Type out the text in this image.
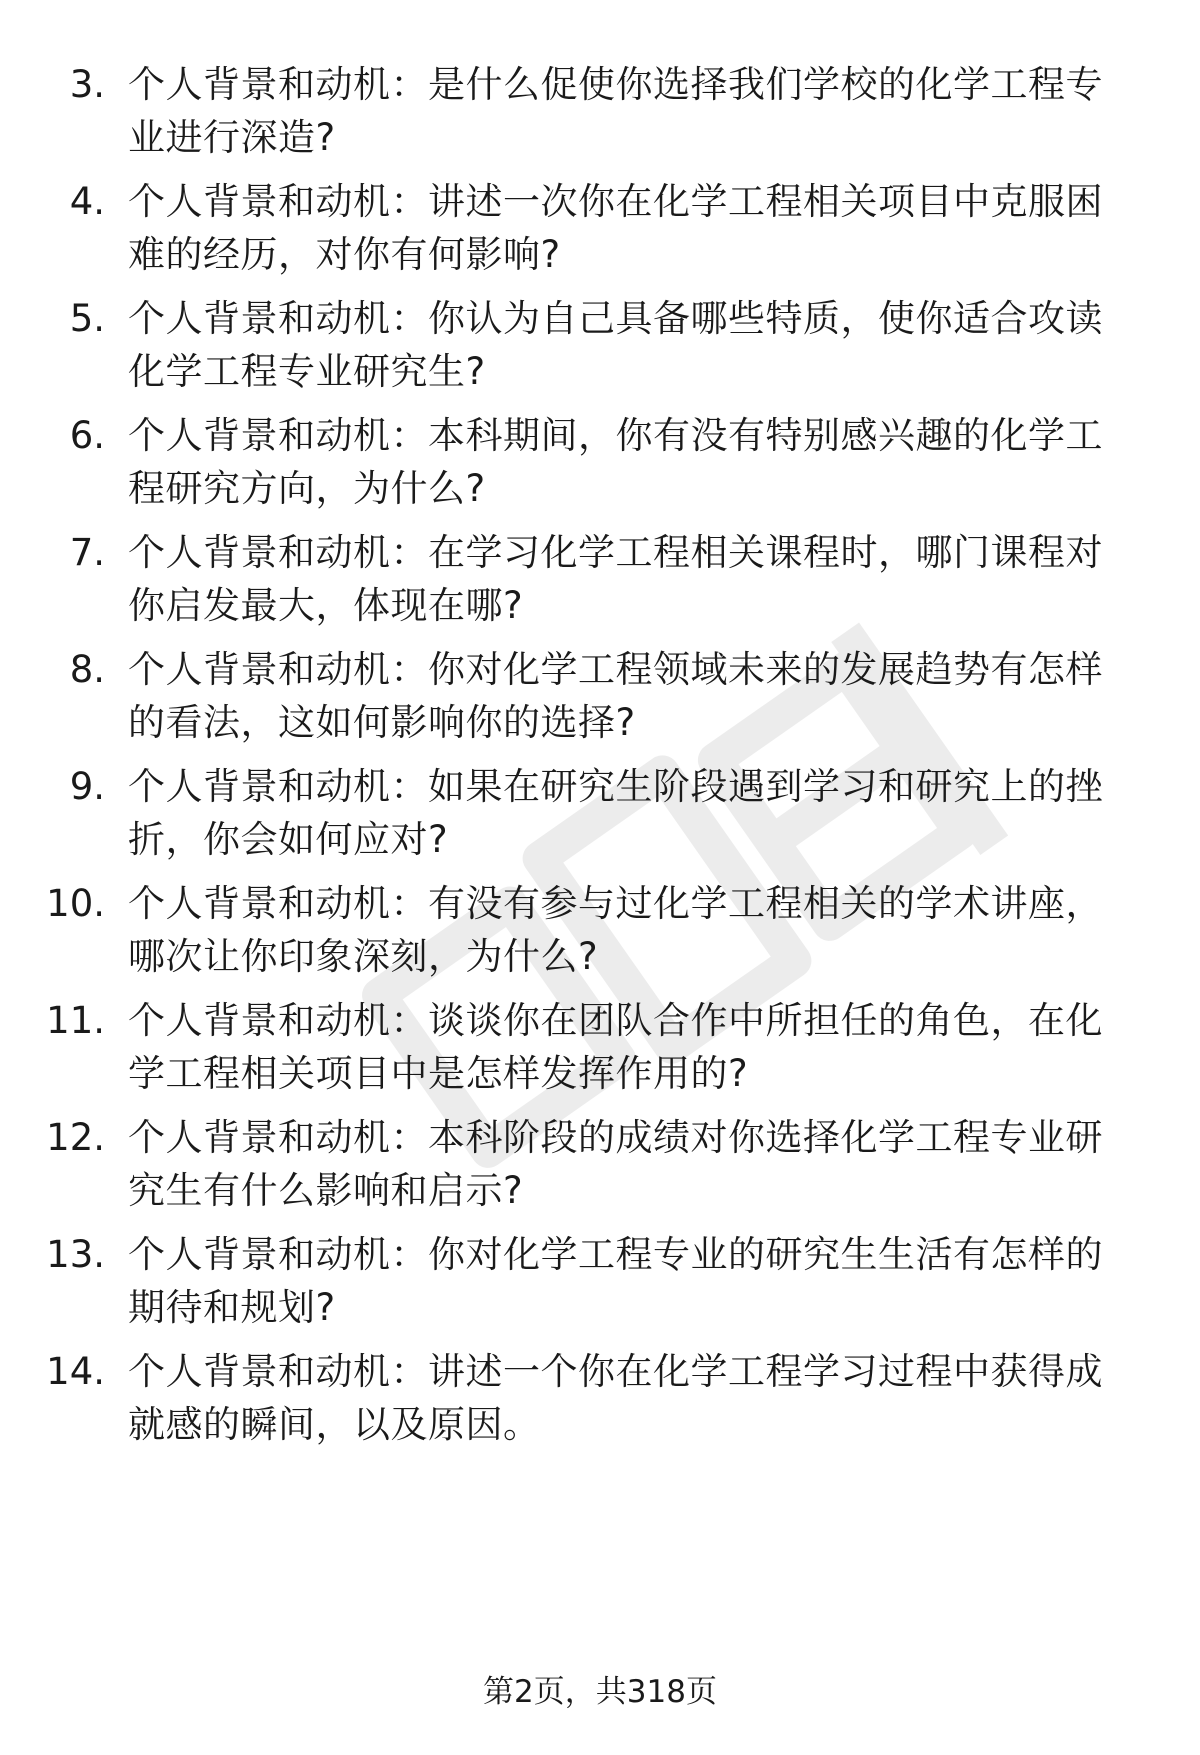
3. 个人背景和动机：是什么促使你选择我们学校的化学工程专业进行深造?
4. 个人背景和动机：讲述一次你在化学工程相关项目中克服困难的经历，对你有何影响?
5. 个人背景和动机：你认为自己具备哪些特质，使你适合攻读化学工程专业研究生?
6. 个人背景和动机：本科期间，你有没有特别感兴趣的化学工程研究方向，为什么?
7. 个人背景和动机：在学习化学工程相关课程时，哪门课程对你启发最大，体现在哪?
8. 个人背景和动机：你对化学工程领域未来的发展趋势有怎样的看法，这如何影响你的选择?
9. 个人背景和动机：如果在研究生阶段遇到学习和研究上的挫折，你会如何应对?
10. 个人背景和动机：有没有参与过化学工程相关的学术讲座，哪次让你印象深刻，为什么?
11. 个人背景和动机：谈谈你在团队合作中所担任的角色，在化学工程相关项目中是怎样发挥作用的?
12. 个人背景和动机：本科阶段的成绩对你选择化学工程专业研究生有什么影响和启示?
13. 个人背景和动机：你对化学工程专业的研究生生活有怎样的期待和规划?
14. 个人背景和动机：讲述一个你在化学工程学习过程中获得成就感的瞬间，以及原因。
第2页，共318页
